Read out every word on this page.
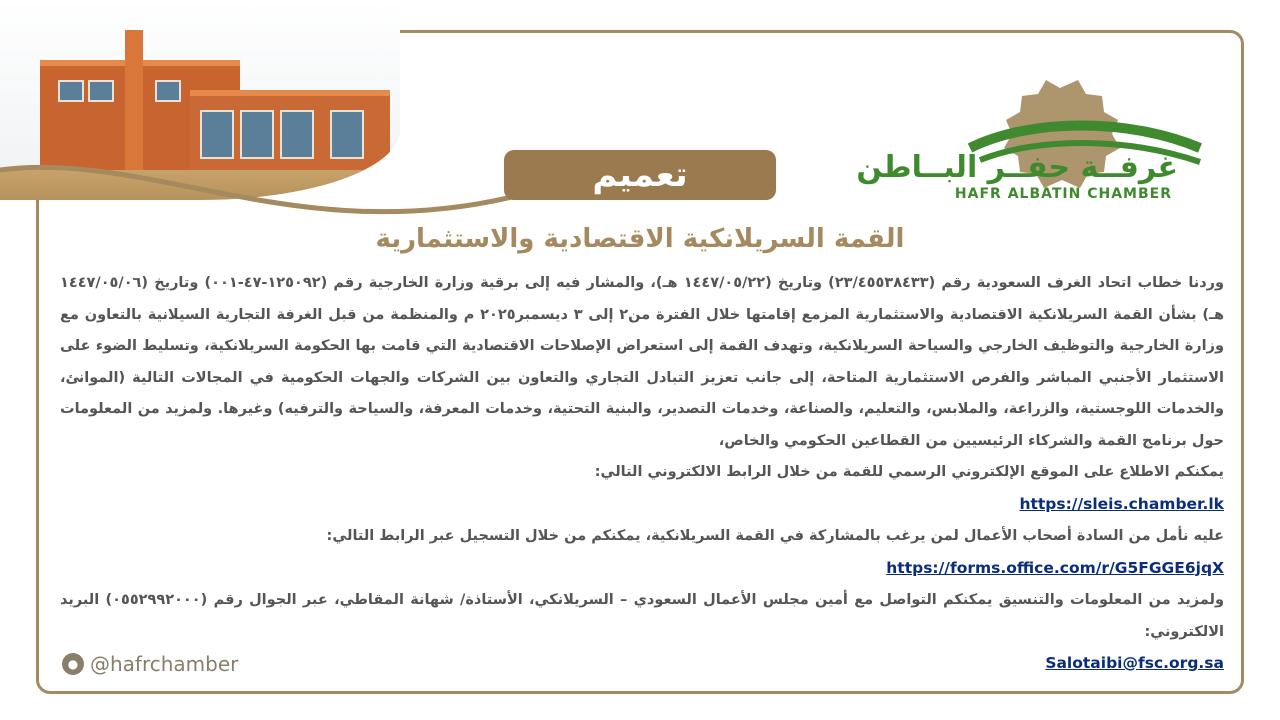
غرفــة حفــر البــاطن
HAFR ALBATIN CHAMBER
تعميم
القمة السريلانكية الاقتصادية والاستثمارية

وردنا خطاب اتحاد الغرف السعودية رقم (٢٣/٤٥٥٣٨٤٣٣) وتاريخ (١٤٤٧/٠٥/٢٢ هـ)، والمشار فيه إلى برقية وزارة الخارجية رقم (١٢٥٠٩٢-٤٧-٠٠١) وتاريخ (١٤٤٧/٠٥/٠٦ هـ) بشأن القمة السريلانكية الاقتصادية والاستثمارية المزمع إقامتها خلال الفترة من٢ إلى ٣ ديسمبر٢٠٢٥ م والمنظمة من قبل الغرفة التجارية السيلانية بالتعاون مع وزارة الخارجية والتوظيف الخارجي والسياحة السريلانكية، وتهدف القمة إلى استعراض الإصلاحات الاقتصادية التي قامت بها الحكومة السريلانكية، وتسليط الضوء على الاستثمار الأجنبي المباشر والفرص الاستثمارية المتاحة، إلى جانب تعزيز التبادل التجاري والتعاون بين الشركات والجهات الحكومية في المجالات التالية (الموانئ، والخدمات اللوجستية، والزراعة، والملابس، والتعليم، والصناعة، وخدمات التصدير، والبنية التحتية، وخدمات المعرفة، والسياحة والترفيه) وغيرها. ولمزيد من المعلومات حول برنامج القمة والشركاء الرئيسيين من القطاعين الحكومي والخاص،

يمكنكم الاطلاع على الموقع الإلكتروني الرسمي للقمة من خلال الرابط الالكتروني التالي:

https://sleis.chamber.lk

عليه نأمل من السادة أصحاب الأعمال لمن يرغب بالمشاركة في القمة السريلانكية، يمكنكم من خلال التسجيل عبر الرابط التالي:

https://forms.office.com/r/G5FGGE6jqX

ولمزيد من المعلومات والتنسيق يمكنكم التواصل مع أمين مجلس الأعمال السعودي – السريلانكي، الأستاذة/ شهانة المقاطي، عبر الجوال رقم (٠٥٥٢٩٩٢٠٠٠) البريد الالكتروني:

Salotaibi@fsc.org.sa

● @hafrchamber
